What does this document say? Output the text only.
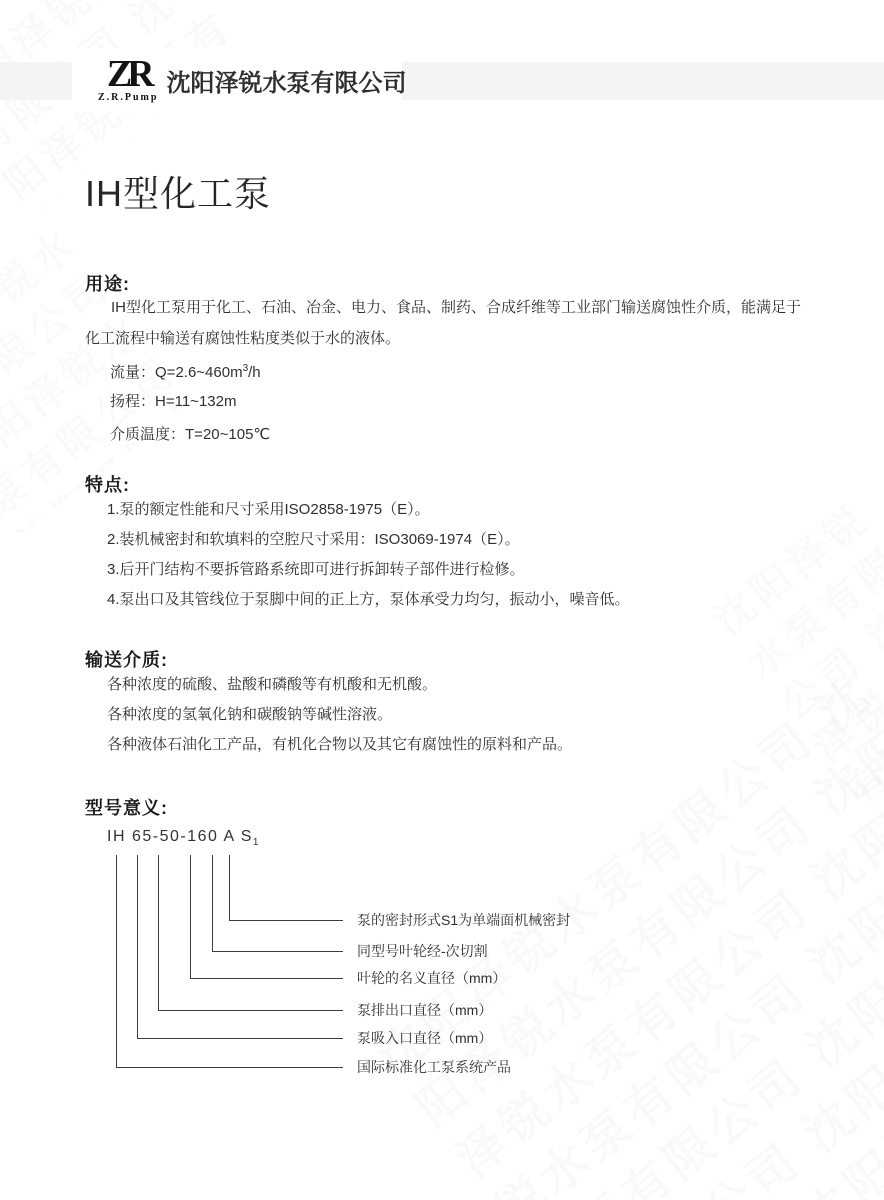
ZR
Z.R.Pump
沈阳泽锐水泵有限公司
IH型化工泵
用途:
IH型化工泵用于化工、石油、冶金、电力、食品、制药、合成纤维等工业部门输送腐蚀性介质，能满足于化工流程中输送有腐蚀性粘度类似于水的液体。
流量：$Q=2.6\sim 460m^3/h$
扬程：H=11~132m
介质温度：T=20~105℃
特点:
1.泵的额定性能和尺寸采用ISO2858-1975（E）。
2.装机械密封和软填料的空腔尺寸采用：ISO3069-1974（E）。
3.后开门结构不要拆管路系统即可进行拆卸转子部件进行检修。
4.泵出口及其管线位于泵脚中间的正上方，泵体承受力均匀，振动小，噪音低。
输送介质:
各种浓度的硫酸、盐酸和磷酸等有机酸和无机酸。
各种浓度的氢氧化钠和碳酸钠等碱性溶液。
各种液体石油化工产品，有机化合物以及其它有腐蚀性的原料和产品。
型号意义:
IH 65-50-160 A $S_1$
国际标准化工泵系统产品
泵吸入口直径（mm）
泵排出口直径（mm）
叶轮的名义直径（mm）
同型号叶轮经-次切割
泵的密封形式S1为单端面机械密封
